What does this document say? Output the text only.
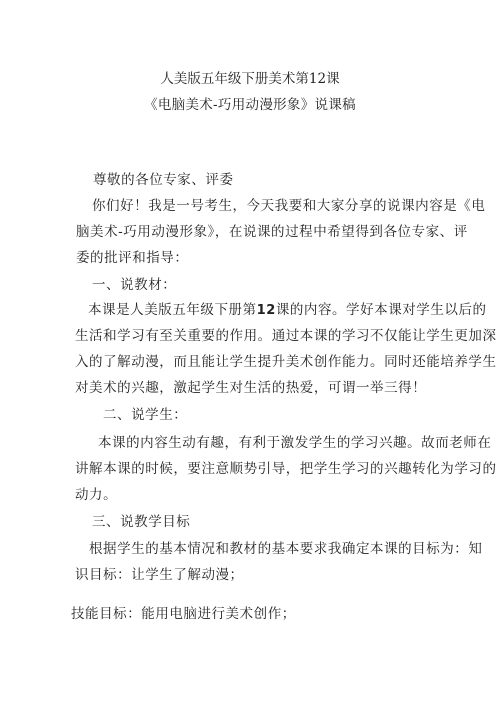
人美版五年级下册美术第12课
《电脑美术-巧用动漫形象》说课稿
尊敬的各位专家、评委
你们好！我是一号考生，今天我要和大家分享的说课内容是《电
脑美术-巧用动漫形象》，在说课的过程中希望得到各位专家、评
委的批评和指导：
一、说教材：
本课是人美版五年级下册第12课的内容。学好本课对学生以后的
生活和学习有至关重要的作用。通过本课的学习不仅能让学生更加深
入的了解动漫，而且能让学生提升美术创作能力。同时还能培养学生
对美术的兴趣，激起学生对生活的热爱，可谓一举三得！
二、说学生：
本课的内容生动有趣，有利于激发学生的学习兴趣。故而老师在
讲解本课的时候，要注意顺势引导，把学生学习的兴趣转化为学习的
动力。
三、说教学目标
根据学生的基本情况和教材的基本要求我确定本课的目标为：知
识目标：让学生了解动漫；
技能目标：能用电脑进行美术创作；
